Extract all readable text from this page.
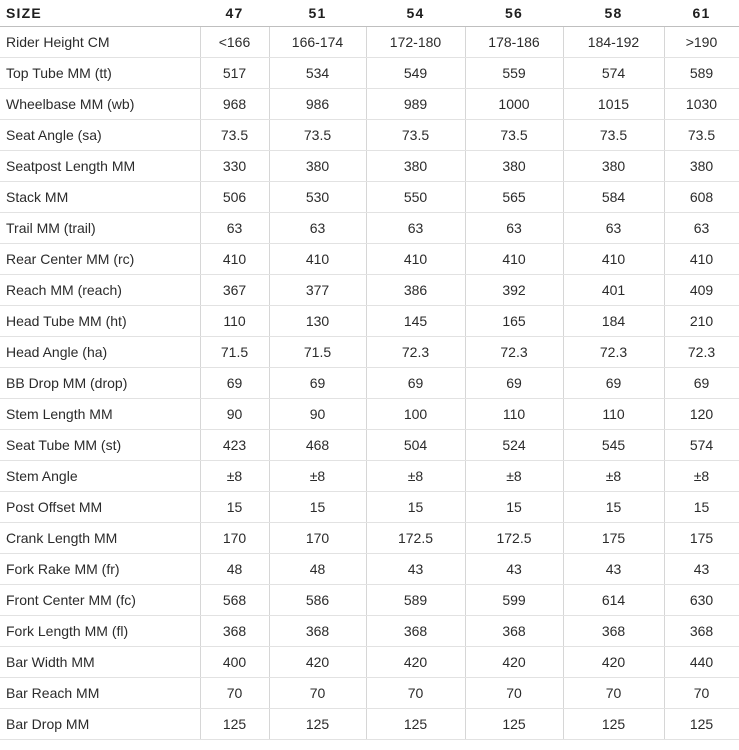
SIZE	47	51	54	56	58	61
Rider Height CM	<166	166-174	172-180	178-186	184-192	>190
Top Tube MM (tt)	517	534	549	559	574	589
Wheelbase MM (wb)	968	986	989	1000	1015	1030
Seat Angle (sa)	73.5	73.5	73.5	73.5	73.5	73.5
Seatpost Length MM	330	380	380	380	380	380
Stack MM	506	530	550	565	584	608
Trail MM (trail)	63	63	63	63	63	63
Rear Center MM (rc)	410	410	410	410	410	410
Reach MM (reach)	367	377	386	392	401	409
Head Tube MM (ht)	110	130	145	165	184	210
Head Angle (ha)	71.5	71.5	72.3	72.3	72.3	72.3
BB Drop MM (drop)	69	69	69	69	69	69
Stem Length MM	90	90	100	110	110	120
Seat Tube MM (st)	423	468	504	524	545	574
Stem Angle	±8	±8	±8	±8	±8	±8
Post Offset MM	15	15	15	15	15	15
Crank Length MM	170	170	172.5	172.5	175	175
Fork Rake MM (fr)	48	48	43	43	43	43
Front Center MM (fc)	568	586	589	599	614	630
Fork Length MM (fl)	368	368	368	368	368	368
Bar Width MM	400	420	420	420	420	440
Bar Reach MM	70	70	70	70	70	70
Bar Drop MM	125	125	125	125	125	125
